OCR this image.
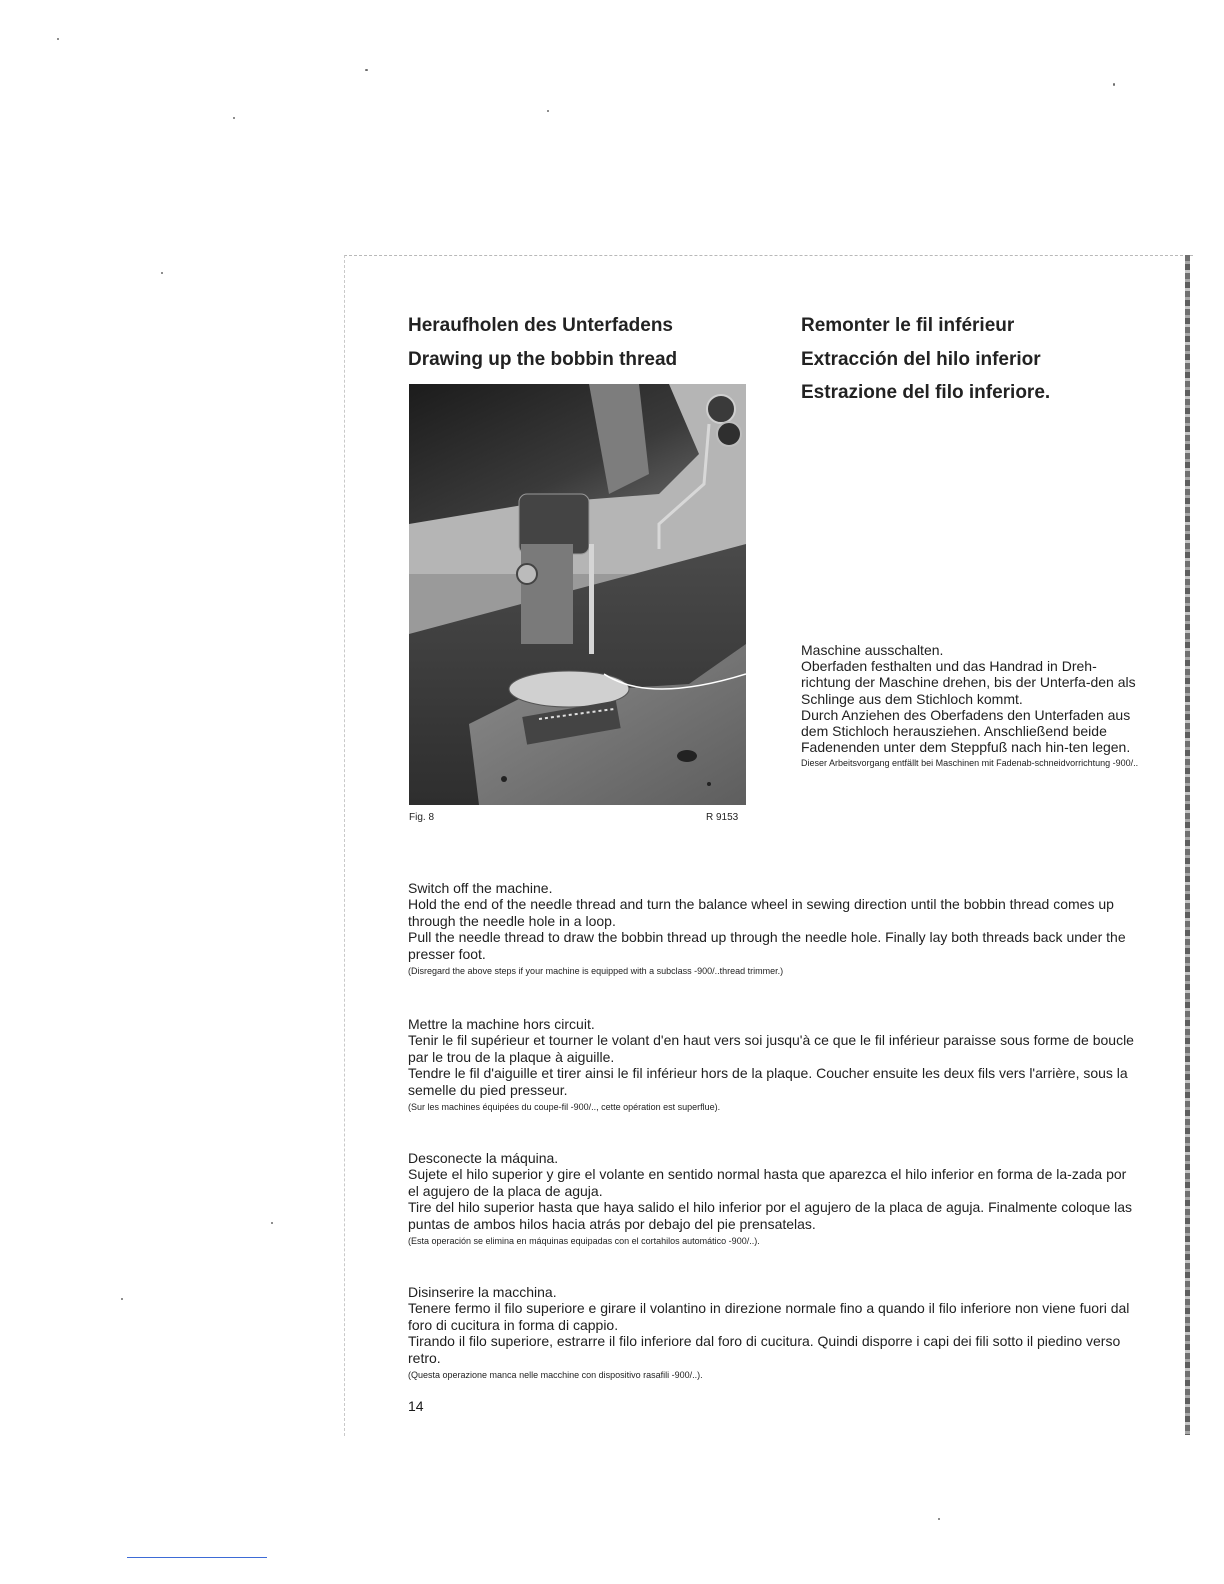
Heraufholen des Unterfadens
Drawing up the bobbin thread
Remonter le fil inférieur
Extracción del hilo inferior
Estrazione del filo inferiore.

Fig. 8	R 9153

Maschine ausschalten.

Oberfaden festhalten und das Handrad in Dreh-richtung der Maschine drehen, bis der Unterfa-den als Schlinge aus dem Stichloch kommt.

Durch Anziehen des Oberfadens den Unterfaden aus dem Stichloch herausziehen. Anschließend beide Fadenenden unter dem Steppfuß nach hin-ten legen.

Dieser Arbeitsvorgang entfällt bei Maschinen mit Fadenab-schneidvorrichtung -900/..

Switch off the machine.

Hold the end of the needle thread and turn the balance wheel in sewing direction until the bobbin thread comes up through the needle hole in a loop.

Pull the needle thread to draw the bobbin thread up through the needle hole. Finally lay both threads back under the presser foot.

(Disregard the above steps if your machine is equipped with a subclass -900/..thread trimmer.)

Mettre la machine hors circuit.

Tenir le fil supérieur et tourner le volant d'en haut vers soi jusqu'à ce que le fil inférieur paraisse sous forme de boucle par le trou de la plaque à aiguille.

Tendre le fil d'aiguille et tirer ainsi le fil inférieur hors de la plaque. Coucher ensuite les deux fils vers l'arrière, sous la semelle du pied presseur.

(Sur les machines équipées du coupe-fil -900/.., cette opération est superflue).

Desconecte la máquina.

Sujete el hilo superior y gire el volante en sentido normal hasta que aparezca el hilo inferior en forma de la-zada por el agujero de la placa de aguja.

Tire del hilo superior hasta que haya salido el hilo inferior por el agujero de la placa de aguja. Finalmente coloque las puntas de ambos hilos hacia atrás por debajo del pie prensatelas.

(Esta operación se elimina en máquinas equipadas con el cortahilos automático -900/..).

Disinserire la macchina.

Tenere fermo il filo superiore e girare il volantino in direzione normale fino a quando il filo inferiore non viene fuori dal foro di cucitura in forma di cappio.

Tirando il filo superiore, estrarre il filo inferiore dal foro di cucitura. Quindi disporre i capi dei fili sotto il piedino verso retro.

(Questa operazione manca nelle macchine con dispositivo rasafili -900/..).

14
